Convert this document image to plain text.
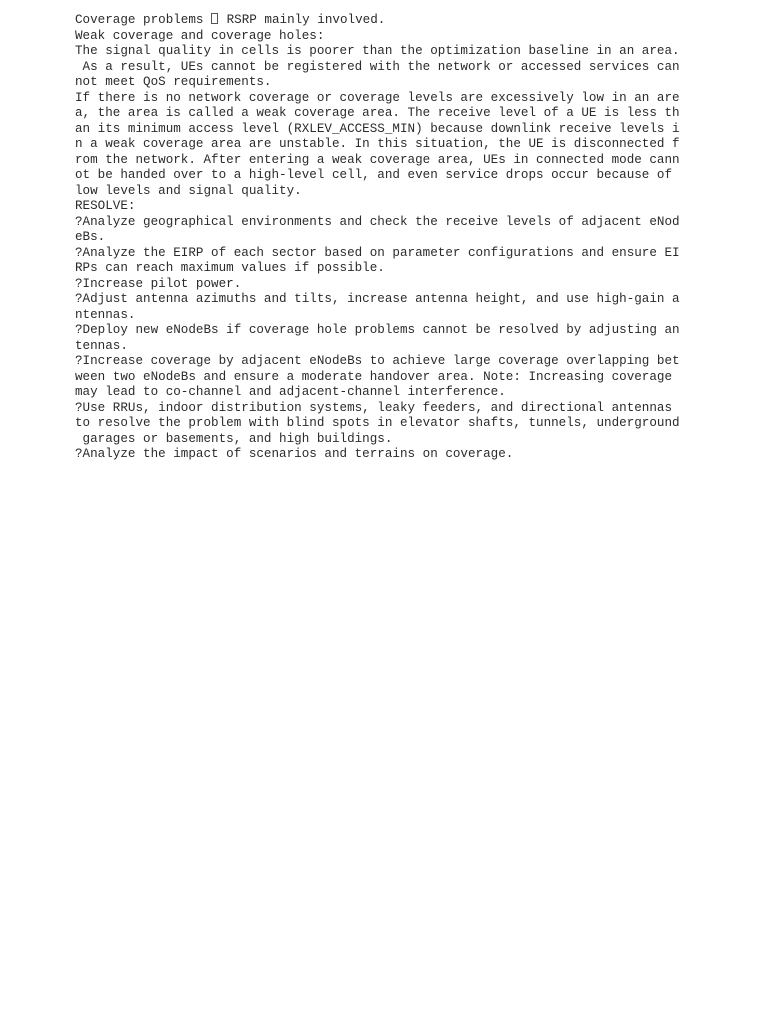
Coverage problems  RSRP mainly involved.
Weak coverage and coverage holes:
The signal quality in cells is poorer than the optimization baseline in an area.
As a result, UEs cannot be registered with the network or accessed services can
not meet QoS requirements.
If there is no network coverage or coverage levels are excessively low in an are
a, the area is called a weak coverage area. The receive level of a UE is less th
an its minimum access level (RXLEV_ACCESS_MIN) because downlink receive levels i
n a weak coverage area are unstable. In this situation, the UE is disconnected f
rom the network. After entering a weak coverage area, UEs in connected mode cann
ot be handed over to a high-level cell, and even service drops occur because of
low levels and signal quality.
RESOLVE:
?Analyze geographical environments and check the receive levels of adjacent eNod
eBs.
?Analyze the EIRP of each sector based on parameter configurations and ensure EI
RPs can reach maximum values if possible.
?Increase pilot power.
?Adjust antenna azimuths and tilts, increase antenna height, and use high-gain a
ntennas.
?Deploy new eNodeBs if coverage hole problems cannot be resolved by adjusting an
tennas.
?Increase coverage by adjacent eNodeBs to achieve large coverage overlapping bet
ween two eNodeBs and ensure a moderate handover area. Note: Increasing coverage
may lead to co-channel and adjacent-channel interference.
?Use RRUs, indoor distribution systems, leaky feeders, and directional antennas
to resolve the problem with blind spots in elevator shafts, tunnels, underground
garages or basements, and high buildings.
?Analyze the impact of scenarios and terrains on coverage.
